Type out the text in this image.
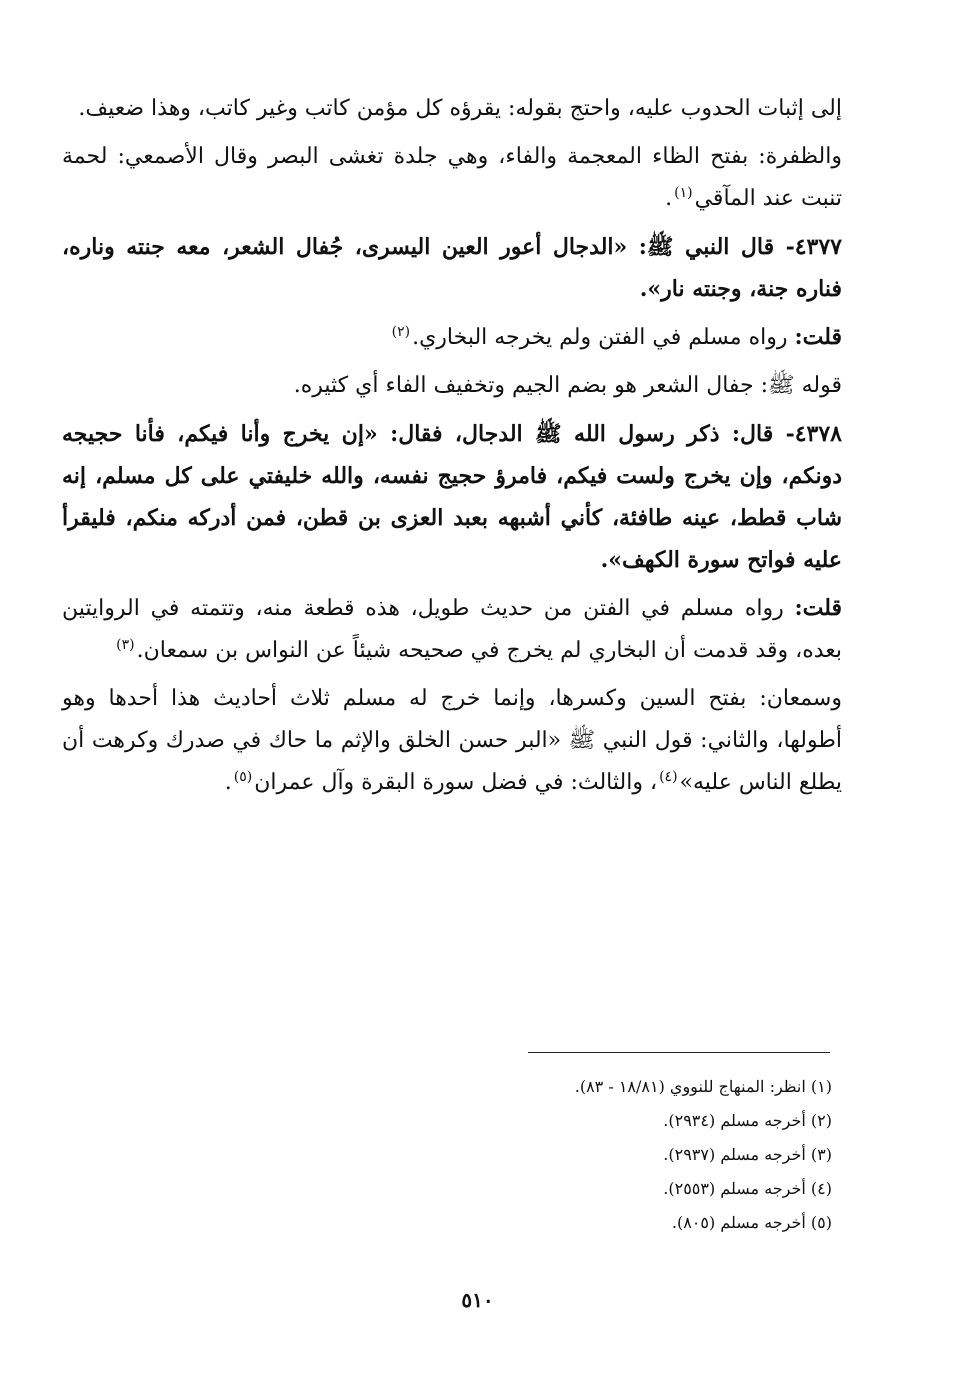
إلى إثبات الحدوب عليه، واحتج بقوله: يقرؤه كل مؤمن كاتب وغير كاتب، وهذا ضعيف.

والظفرة: بفتح الظاء المعجمة والفاء، وهي جلدة تغشى البصر وقال الأصمعي: لحمة تنبت عند المآقي$^{(١)}$.

٤٣٧٧- قال النبي ﷺ: «الدجال أعور العين اليسرى، جُفال الشعر، معه جنته وناره، فناره جنة، وجنته نار».

قلت: رواه مسلم في الفتن ولم يخرجه البخاري.$^{(٢)}$

قوله ﷺ: جفال الشعر هو بضم الجيم وتخفيف الفاء أي كثيره.

٤٣٧٨- قال: ذكر رسول الله ﷺ الدجال، فقال: «إن يخرج وأنا فيكم، فأنا حجيجه دونكم، وإن يخرج ولست فيكم، فامرؤ حجيج نفسه، والله خليفتي على كل مسلم، إنه شاب قطط، عينه طافئة، كأني أشبهه بعبد العزى بن قطن، فمن أدركه منكم، فليقرأ عليه فواتح سورة الكهف».

قلت: رواه مسلم في الفتن من حديث طويل، هذه قطعة منه، وتتمته في الروايتين بعده، وقد قدمت أن البخاري لم يخرج في صحيحه شيئاً عن النواس بن سمعان.$^{(٣)}$

وسمعان: بفتح السين وكسرها، وإنما خرج له مسلم ثلاث أحاديث هذا أحدها وهو أطولها، والثاني: قول النبي ﷺ «البر حسن الخلق والإثم ما حاك في صدرك وكرهت أن يطلع الناس عليه»$^{(٤)}$، والثالث: في فضل سورة البقرة وآل عمران$^{(٥)}$.

(١) انظر: المنهاج للنووي (١٨/٨١ - ٨٣).

(٢) أخرجه مسلم (٢٩٣٤).

(٣) أخرجه مسلم (٢٩٣٧).

(٤) أخرجه مسلم (٢٥٥٣).

(٥) أخرجه مسلم (٨٠٥).

٥١٠
